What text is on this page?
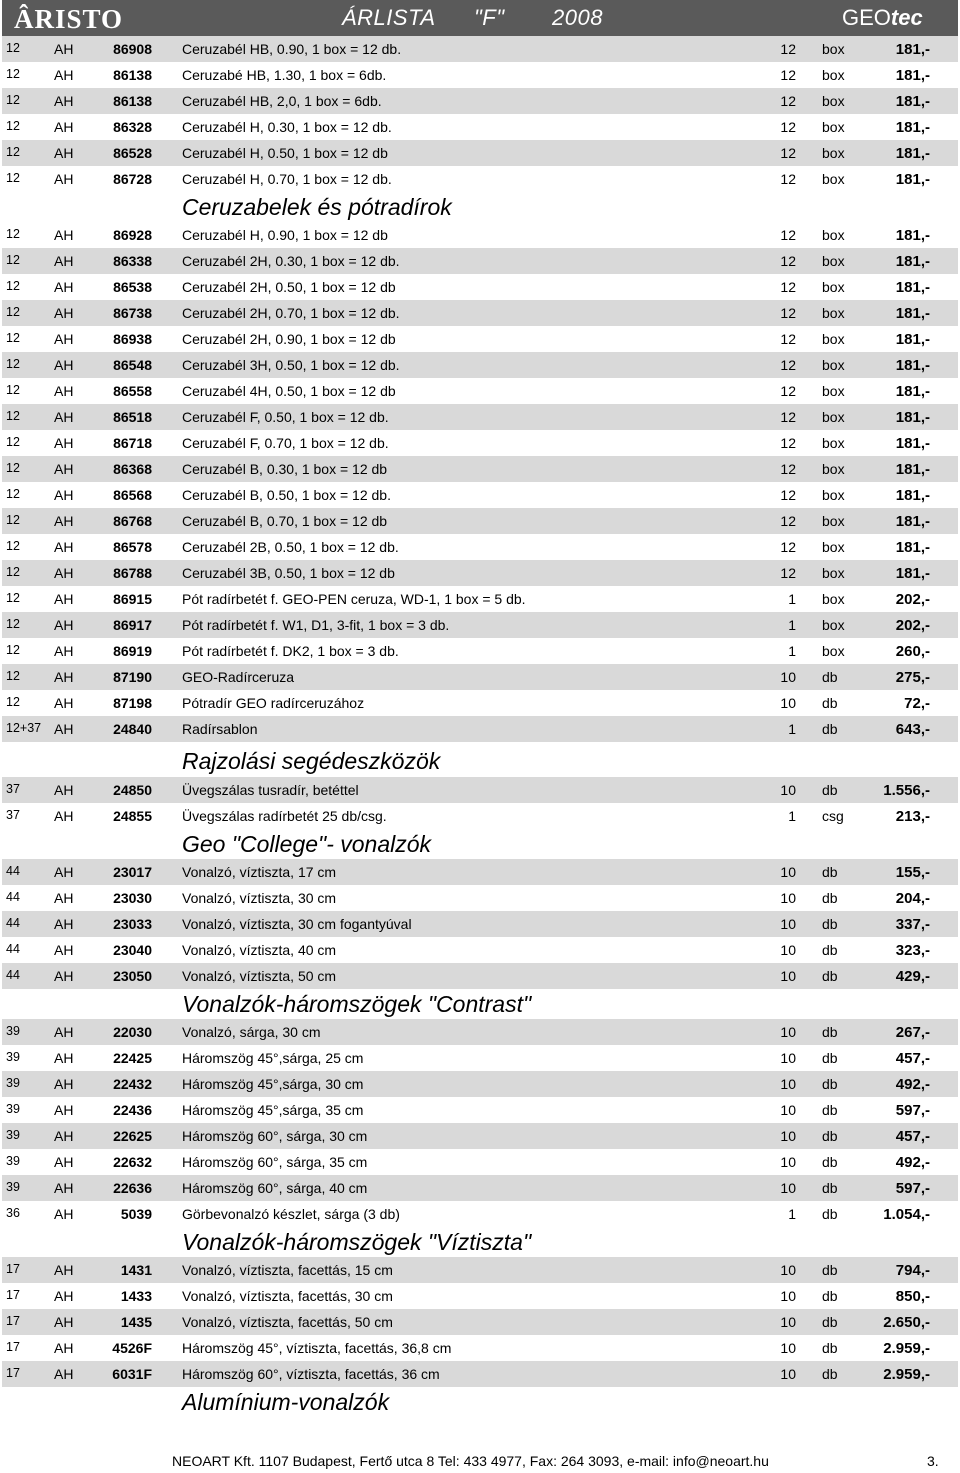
ÂRISTO	ÁRLISTA "F" 2008	GEOtec
12	AH	86908 Ceruzabél HB, 0.90, 1 box = 12 db.	12 box	181,-
12	AH	86138 Ceruzabé HB, 1.30, 1 box = 6db.	12 box	181,-
12	AH	86138 Ceruzabél HB, 2,0, 1 box = 6db.	12 box	181,-
12	AH	86328 Ceruzabél H, 0.30, 1 box = 12 db.	12 box	181,-
12	AH	86528 Ceruzabél H, 0.50, 1 box = 12 db	12 box	181,-
12	AH	86728 Ceruzabél H, 0.70, 1 box = 12 db.	12 box	181,-
Ceruzabelek és pótradírok
12	AH	86928 Ceruzabél H, 0.90, 1 box = 12 db	12 box	181,-
12	AH	86338 Ceruzabél 2H, 0.30, 1 box = 12 db.	12 box	181,-
12	AH	86538 Ceruzabél 2H, 0.50, 1 box = 12 db	12 box	181,-
12	AH	86738 Ceruzabél 2H, 0.70, 1 box = 12 db.	12 box	181,-
12	AH	86938 Ceruzabél 2H, 0.90, 1 box = 12 db	12 box	181,-
12	AH	86548 Ceruzabél 3H, 0.50, 1 box = 12 db.	12 box	181,-
12	AH	86558 Ceruzabél 4H, 0.50, 1 box = 12 db	12 box	181,-
12	AH	86518 Ceruzabél F, 0.50, 1 box = 12 db.	12 box	181,-
12	AH	86718 Ceruzabél F, 0.70, 1 box = 12 db.	12 box	181,-
12	AH	86368 Ceruzabél B, 0.30, 1 box = 12 db	12 box	181,-
12	AH	86568 Ceruzabél B, 0.50, 1 box = 12 db.	12 box	181,-
12	AH	86768 Ceruzabél B, 0.70, 1 box = 12 db	12 box	181,-
12	AH	86578 Ceruzabél 2B, 0.50, 1 box = 12 db.	12 box	181,-
12	AH	86788 Ceruzabél 3B, 0.50, 1 box = 12 db	12 box	181,-
12	AH	86915 Pót radírbetét f. GEO-PEN ceruza, WD-1, 1 box = 5 db.	1 box	202,-
12	AH	86917 Pót radírbetét f. W1, D1, 3-fit, 1 box = 3 db.	1 box	202,-
12	AH	86919 Pót radírbetét f. DK2, 1 box = 3 db.	1 box	260,-
12	AH	87190 GEO-Radírceruza	10 db	275,-
12	AH	87198 Pótradír GEO radírceruzához	10 db	72,-
12+37 AH	24840 Radírsablon	1 db	643,-
Rajzolási segédeszközök
37	AH	24850 Üvegszálas tusradír, betéttel	10 db	1.556,-
37	AH	24855 Üvegszálas radírbetét 25 db/csg.	1 csg	213,-
Geo "College"- vonalzók
44	AH	23017 Vonalzó, víztiszta, 17 cm	10 db	155,-
44	AH	23030 Vonalzó, víztiszta, 30 cm	10 db	204,-
44	AH	23033 Vonalzó, víztiszta, 30 cm fogantyúval	10 db	337,-
44	AH	23040 Vonalzó, víztiszta, 40 cm	10 db	323,-
44	AH	23050 Vonalzó, víztiszta, 50 cm	10 db	429,-
Vonalzók-háromszögek "Contrast"
39	AH	22030 Vonalzó, sárga, 30 cm	10 db	267,-
39	AH	22425 Háromszög 45°,sárga, 25 cm	10 db	457,-
39	AH	22432 Háromszög 45°,sárga, 30 cm	10 db	492,-
39	AH	22436 Háromszög 45°,sárga, 35 cm	10 db	597,-
39	AH	22625 Háromszög 60°, sárga, 30 cm	10 db	457,-
39	AH	22632 Háromszög 60°, sárga, 35 cm	10 db	492,-
39	AH	22636 Háromszög 60°, sárga, 40 cm	10 db	597,-
36	AH	5039 Görbevonalzó készlet, sárga (3 db)	1 db	1.054,-
Vonalzók-háromszögek "Víztiszta"
17	AH	1431 Vonalzó, víztiszta, facettás, 15 cm	10 db	794,-
17	AH	1433 Vonalzó, víztiszta, facettás, 30 cm	10 db	850,-
17	AH	1435 Vonalzó, víztiszta, facettás, 50 cm	10 db	2.650,-
17	AH	4526F Háromszög 45°, víztiszta, facettás, 36,8 cm	10 db	2.959,-
17	AH	6031F Háromszög 60°, víztiszta, facettás, 36 cm	10 db	2.959,-
Alumínium-vonalzók
NEOART Kft. 1107 Budapest, Fertő utca 8 Tel: 433 4977, Fax: 264 3093, e-mail: info@neoart.hu	3.
